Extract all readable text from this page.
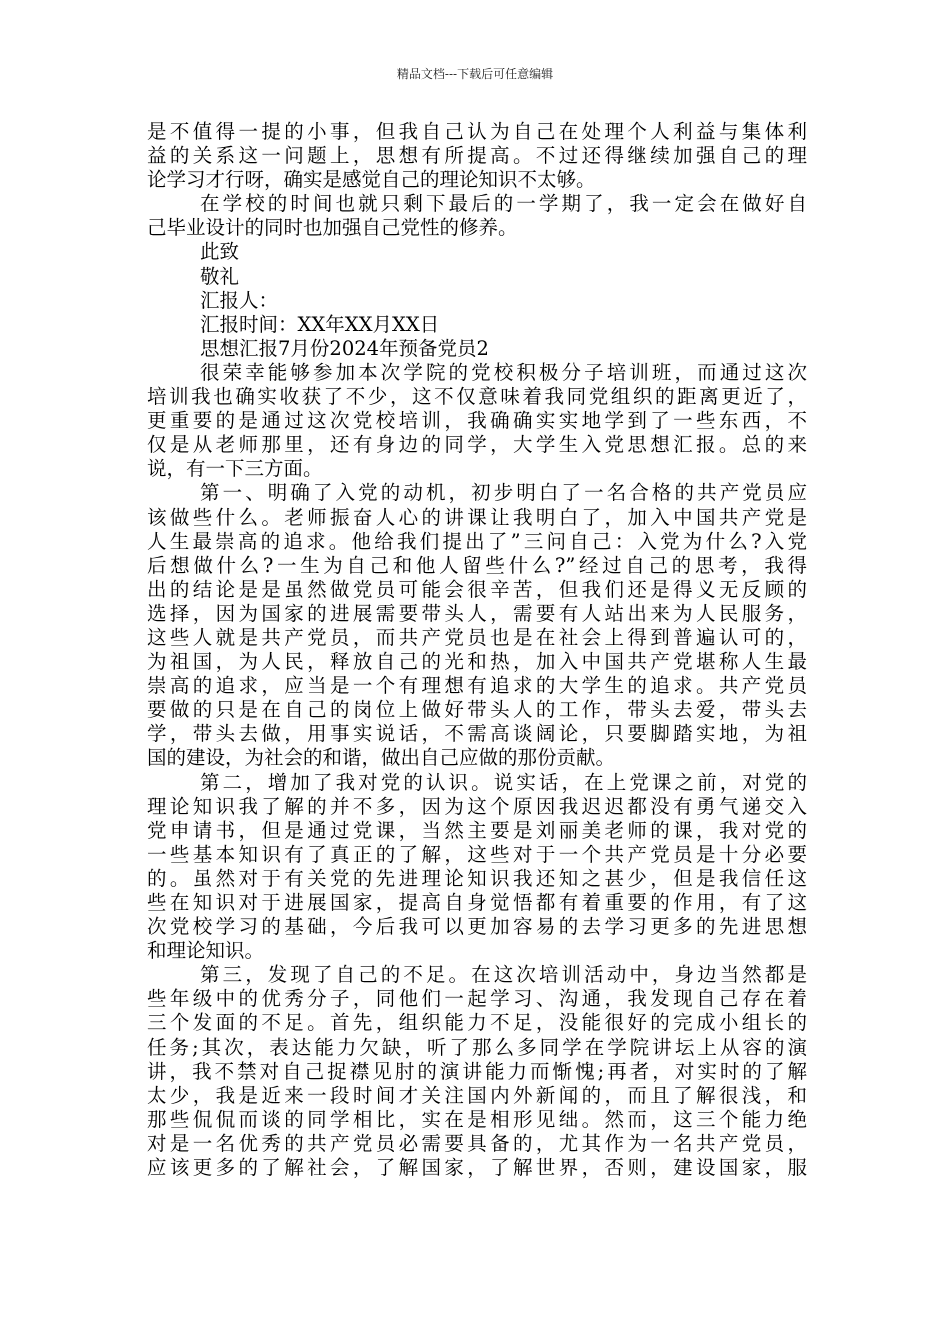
精品文档---下载后可任意编辑
是不值得一提的小事，但我自己认为自己在处理个人利益与集体利
益的关系这一问题上，思想有所提高。不过还得继续加强自己的理
论学习才行呀，确实是感觉自己的理论知识不太够。
在学校的时间也就只剩下最后的一学期了，我一定会在做好自
己毕业设计的同时也加强自己党性的修养。
此致
敬礼
汇报人：
汇报时间：XX年XX月XX日
思想汇报7月份2024年预备党员2
很荣幸能够参加本次学院的党校积极分子培训班，而通过这次
培训我也确实收获了不少，这不仅意味着我同党组织的距离更近了，
更重要的是通过这次党校培训，我确确实实地学到了一些东西，不
仅是从老师那里，还有身边的同学，大学生入党思想汇报。总的来
说，有一下三方面。
第一、明确了入党的动机，初步明白了一名合格的共产党员应
该做些什么。老师振奋人心的讲课让我明白了，加入中国共产党是
人生最崇高的追求。他给我们提出了”三问自己：入党为什么?入党
后想做什么?一生为自己和他人留些什么?”经过自己的思考，我得
出的结论是是虽然做党员可能会很辛苦，但我们还是得义无反顾的
选择，因为国家的进展需要带头人，需要有人站出来为人民服务，
这些人就是共产党员，而共产党员也是在社会上得到普遍认可的，
为祖国，为人民，释放自己的光和热，加入中国共产党堪称人生最
崇高的追求，应当是一个有理想有追求的大学生的追求。共产党员
要做的只是在自己的岗位上做好带头人的工作，带头去爱，带头去
学，带头去做，用事实说话，不需高谈阔论，只要脚踏实地，为祖
国的建设，为社会的和谐，做出自己应做的那份贡献。
第二，增加了我对党的认识。说实话，在上党课之前，对党的
理论知识我了解的并不多，因为这个原因我迟迟都没有勇气递交入
党申请书，但是通过党课，当然主要是刘丽美老师的课，我对党的
一些基本知识有了真正的了解，这些对于一个共产党员是十分必要
的。虽然对于有关党的先进理论知识我还知之甚少，但是我信任这
些在知识对于进展国家，提高自身觉悟都有着重要的作用，有了这
次党校学习的基础，今后我可以更加容易的去学习更多的先进思想
和理论知识。
第三，发现了自己的不足。在这次培训活动中，身边当然都是
些年级中的优秀分子，同他们一起学习、沟通，我发现自己存在着
三个发面的不足。首先，组织能力不足，没能很好的完成小组长的
任务;其次，表达能力欠缺，听了那么多同学在学院讲坛上从容的演
讲，我不禁对自己捉襟见肘的演讲能力而惭愧;再者，对实时的了解
太少，我是近来一段时间才关注国内外新闻的，而且了解很浅，和
那些侃侃而谈的同学相比，实在是相形见绌。然而，这三个能力绝
对是一名优秀的共产党员必需要具备的，尤其作为一名共产党员，
应该更多的了解社会，了解国家，了解世界，否则，建设国家，服
